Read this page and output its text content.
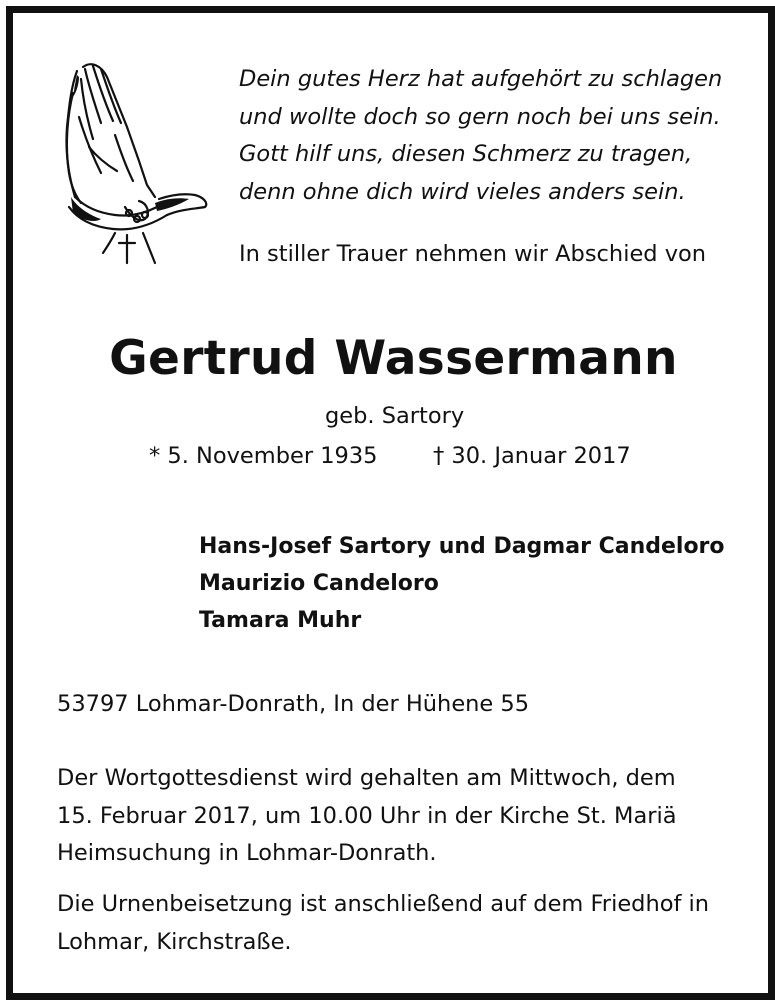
Dein gutes Herz hat aufgehört zu schlagen
und wollte doch so gern noch bei uns sein.
Gott hilf uns, diesen Schmerz zu tragen,
denn ohne dich wird vieles anders sein.
In stiller Trauer nehmen wir Abschied von
Gertrud Wassermann
geb. Sartory
* 5. November 1935 † 30. Januar 2017
Hans-Josef Sartory und Dagmar Candeloro
Maurizio Candeloro
Tamara Muhr
53797 Lohmar-Donrath, In der Hühene 55
Der Wortgottesdienst wird gehalten am Mittwoch, dem
15. Februar 2017, um 10.00 Uhr in der Kirche St. Mariä
Heimsuchung in Lohmar-Donrath.
Die Urnenbeisetzung ist anschließend auf dem Friedhof in
Lohmar, Kirchstraße.
